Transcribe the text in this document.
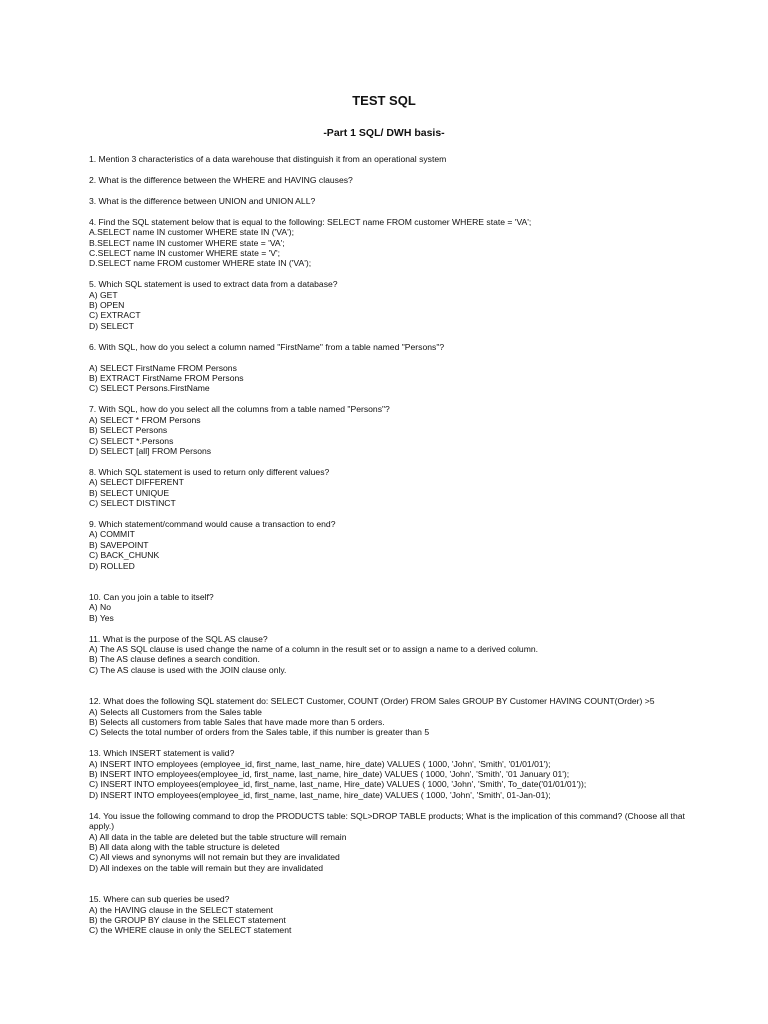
TEST SQL
-Part 1 SQL/ DWH basis-
1. Mention 3 characteristics of a data warehouse that distinguish it from an operational system
2. What is the difference between the WHERE and HAVING clauses?
3. What is the difference between UNION and UNION ALL?
4. Find the SQL statement below that is equal to the following: SELECT name FROM customer WHERE state = 'VA';
A.SELECT name IN customer WHERE state IN ('VA');
B.SELECT name IN customer WHERE state = 'VA';
C.SELECT name IN customer WHERE state = 'V';
D.SELECT name FROM customer WHERE state IN ('VA');
5. Which SQL statement is used to extract data from a database?
A) GET
B) OPEN
C) EXTRACT
D) SELECT
6. With SQL, how do you select a column named "FirstName" from a table named "Persons"?
A) SELECT FirstName FROM Persons
B) EXTRACT FirstName FROM Persons
C) SELECT Persons.FirstName
7. With SQL, how do you select all the columns from a table named "Persons"?
A) SELECT * FROM Persons
B) SELECT Persons
C) SELECT *.Persons
D) SELECT [all] FROM Persons
8. Which SQL statement is used to return only different values?
A) SELECT DIFFERENT
B) SELECT UNIQUE
C) SELECT DISTINCT
9. Which statement/command would cause a transaction to end?
A) COMMIT
B) SAVEPOINT
C) BACK_CHUNK
D) ROLLED
10. Can you join a table to itself?
A) No
B) Yes
11. What is the purpose of the SQL AS clause?
A) The AS SQL clause is used change the name of a column in the result set or to assign a name to a derived column.
B) The AS clause defines a search condition.
C) The AS clause is used with the JOIN clause only.
12. What does the following SQL statement do: SELECT Customer, COUNT (Order) FROM Sales GROUP BY Customer HAVING COUNT(Order) >5
A) Selects all Customers from the Sales table
B) Selects all customers from table Sales that have made more than 5 orders.
C) Selects the total number of orders from the Sales table, if this number is greater than 5
13. Which INSERT statement is valid?
A) INSERT INTO employees (employee_id, first_name, last_name, hire_date) VALUES ( 1000, 'John', 'Smith', '01/01/01');
B) INSERT INTO employees(employee_id, first_name, last_name, hire_date) VALUES ( 1000, 'John', 'Smith', '01 January 01');
C) INSERT INTO employees(employee_id, first_name, last_name, Hire_date) VALUES ( 1000, 'John', 'Smith', To_date('01/01/01'));
D) INSERT INTO employees(employee_id, first_name, last_name, hire_date) VALUES ( 1000, 'John', 'Smith', 01-Jan-01);
14. You issue the following command to drop the PRODUCTS table: SQL>DROP TABLE products; What is the implication of this command? (Choose all that apply.)
A) All data in the table are deleted but the table structure will remain
B) All data along with the table structure is deleted
C) All views and synonyms will not remain but they are invalidated
D) All indexes on the table will remain but they are invalidated
15. Where can sub queries be used?
A) the HAVING clause in the SELECT statement
B) the GROUP BY clause in the SELECT statement
C) the WHERE clause in only the SELECT statement
